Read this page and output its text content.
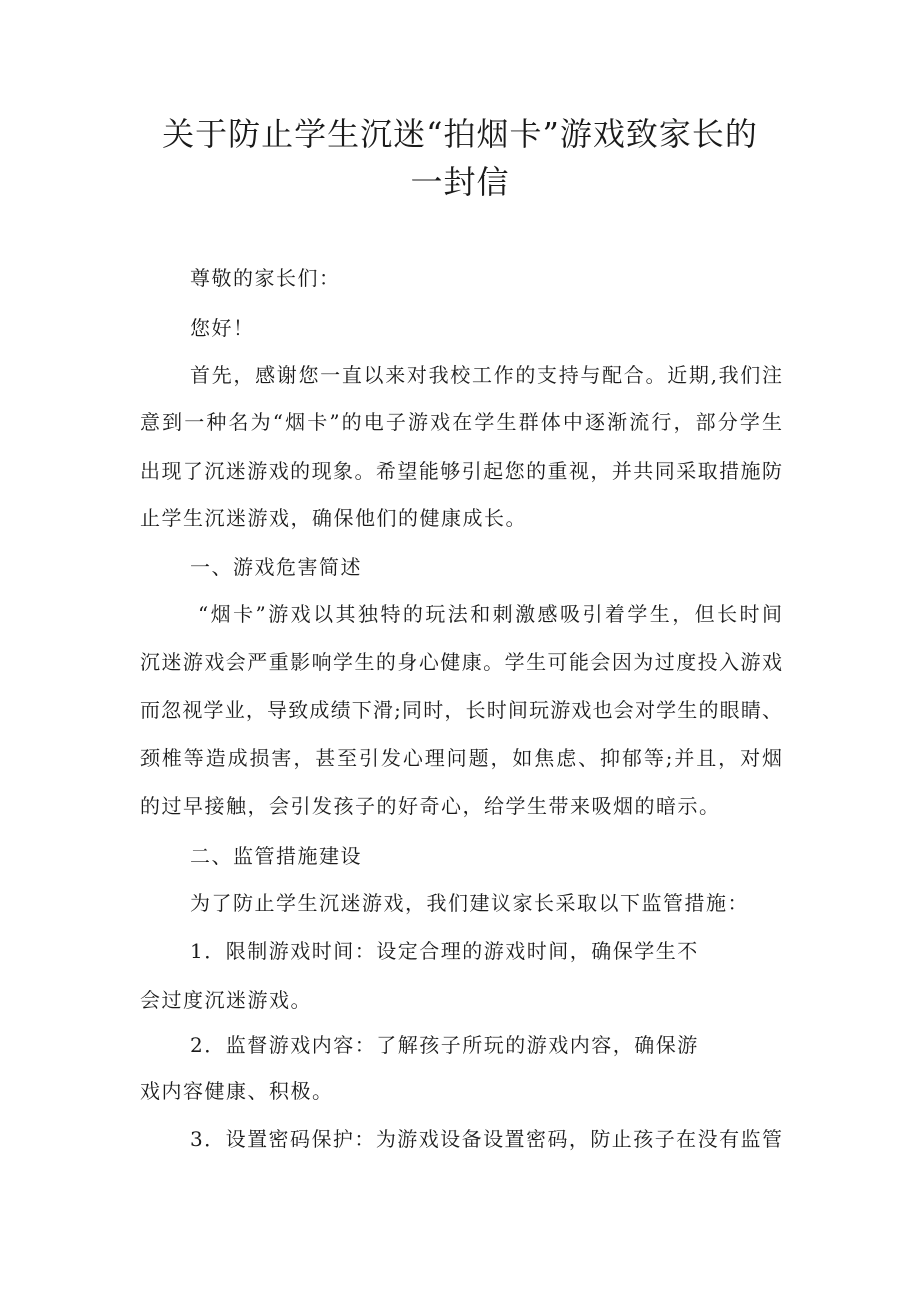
关于防止学生沉迷“拍烟卡”游戏致家长的
一封信

尊敬的家长们：

您好！

首先，感谢您一直以来对我校工作的支持与配合。近期,我们注

意到一种名为“烟卡”的电子游戏在学生群体中逐渐流行，部分学生

出现了沉迷游戏的现象。希望能够引起您的重视，并共同采取措施防

止学生沉迷游戏，确保他们的健康成长。

一、游戏危害简述

“烟卡”游戏以其独特的玩法和刺激感吸引着学生，但长时间

沉迷游戏会严重影响学生的身心健康。学生可能会因为过度投入游戏

而忽视学业，导致成绩下滑;同时，长时间玩游戏也会对学生的眼睛、

颈椎等造成损害，甚至引发心理问题，如焦虑、抑郁等;并且，对烟

的过早接触，会引发孩子的好奇心，给学生带来吸烟的暗示。

二、监管措施建设

为了防止学生沉迷游戏，我们建议家长采取以下监管措施：

1．限制游戏时间：设定合理的游戏时间，确保学生不

会过度沉迷游戏。

2．监督游戏内容：了解孩子所玩的游戏内容，确保游

戏内容健康、积极。

3．设置密码保护：为游戏设备设置密码，防止孩子在没有监管
